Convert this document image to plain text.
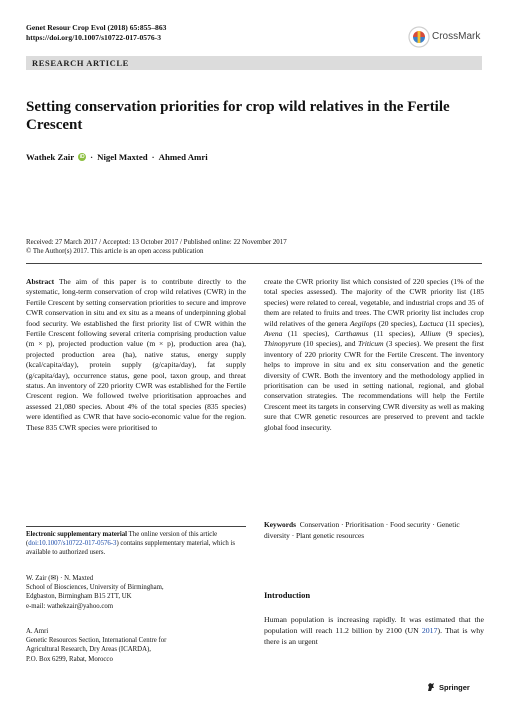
Genet Resour Crop Evol (2018) 65:855–863
https://doi.org/10.1007/s10722-017-0576-3	CrossMark
RESEARCH ARTICLE
Setting conservation priorities for crop wild relatives in the Fertile Crescent
Wathek Zair	iD · Nigel Maxted · Ahmed Amri
Received: 27 March 2017 / Accepted: 13 October 2017 / Published online: 22 November 2017
© The Author(s) 2017. This article is an open access publication
Abstract The aim of this paper is to contribute directly to the systematic, long-term conservation of crop wild relatives (CWR) in the Fertile Crescent by setting conservation priorities to secure and improve CWR conservation in situ and ex situ as a means of underpinning global food security. We established the first priority list of CWR within the Fertile Crescent following several criteria comprising production value (m × p), projected production value (m × p), production area (ha), projected production area (ha), native status, energy supply (kcal/capita/day), protein supply (g/capita/day), fat supply (g/capita/day), occurrence status, gene pool, taxon group, and threat status. An inventory of 220 priority CWR was established for the Fertile Crescent region. We followed twelve prioritisation approaches and assessed 21,080 species. About 4% of the total species (835 species) were identified as CWR that have socio-economic value for the region. These 835 CWR species were prioritised to
create the CWR priority list which consisted of 220 species (1% of the total species assessed). The majority of the CWR priority list (185 species) were related to cereal, vegetable, and industrial crops and 35 of them are related to fruits and trees. The CWR priority list includes crop wild relatives of the genera Aegilops (20 species), Lactuca (11 species), Avena (11 species), Carthamus (11 species), Allium (9 species), Thinopyrum (10 species), and Triticum (3 species). We present the first inventory of 220 priority CWR for the Fertile Crescent. The inventory helps to improve in situ and ex situ conservation and the genetic diversity of CWR. Both the inventory and the methodology applied in prioritisation can be used in setting national, regional, and global conservation strategies. The recommendations will help the Fertile Crescent meet its targets in conserving CWR diversity as well as making sure that CWR genetic resources are preserved to prevent and tackle global food insecurity.
Keywords Conservation · Prioritisation · Food security · Genetic diversity · Plant genetic resources
Electronic supplementary material The online version of this article (doi:10.1007/s10722-017-0576-3) contains supplementary material, which is available to authorized users.
W. Zair (✉) · N. Maxted
School of Biosciences, University of Birmingham,
Edgbaston, Birmingham B15 2TT, UK
e-mail: wathekzair@yahoo.com
A. Amri
Genetic Resources Section, International Centre for
Agricultural Research, Dry Areas (ICARDA),
P.O. Box 6299, Rabat, Morocco
Introduction
Human population is increasing rapidly. It was estimated that the population will reach 11.2 billion by 2100 (UN 2017). That is why there is an urgent
Springer
